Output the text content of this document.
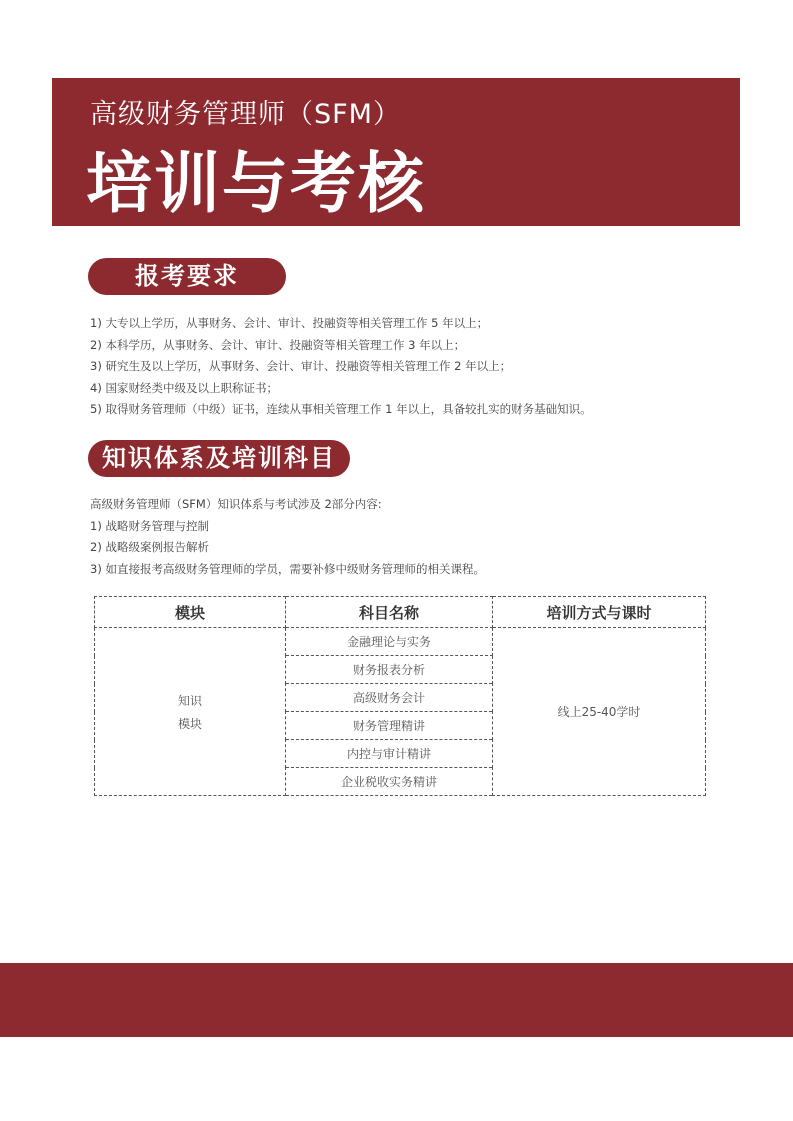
高级财务管理师（SFM）
培训与考核
报考要求
1) 大专以上学历，从事财务、会计、审计、投融资等相关管理工作 5 年以上；
2) 本科学历，从事财务、会计、审计、投融资等相关管理工作 3 年以上；
3) 研究生及以上学历，从事财务、会计、审计、投融资等相关管理工作 2 年以上；
4) 国家财经类中级及以上职称证书；
5) 取得财务管理师（中级）证书，连续从事相关管理工作 1 年以上，具备较扎实的财务基础知识。
知识体系及培训科目
高级财务管理师（SFM）知识体系与考试涉及 2部分内容:
1) 战略财务管理与控制
2) 战略级案例报告解析
3) 如直接报考高级财务管理师的学员，需要补修中级财务管理师的相关课程。
模块	科目名称	培训方式与课时

知识
模块	金融理论与实务	线上25-40学时
	财务报表分析	
	高级财务会计	
	财务管理精讲	
	内控与审计精讲	
	企业税收实务精讲	
